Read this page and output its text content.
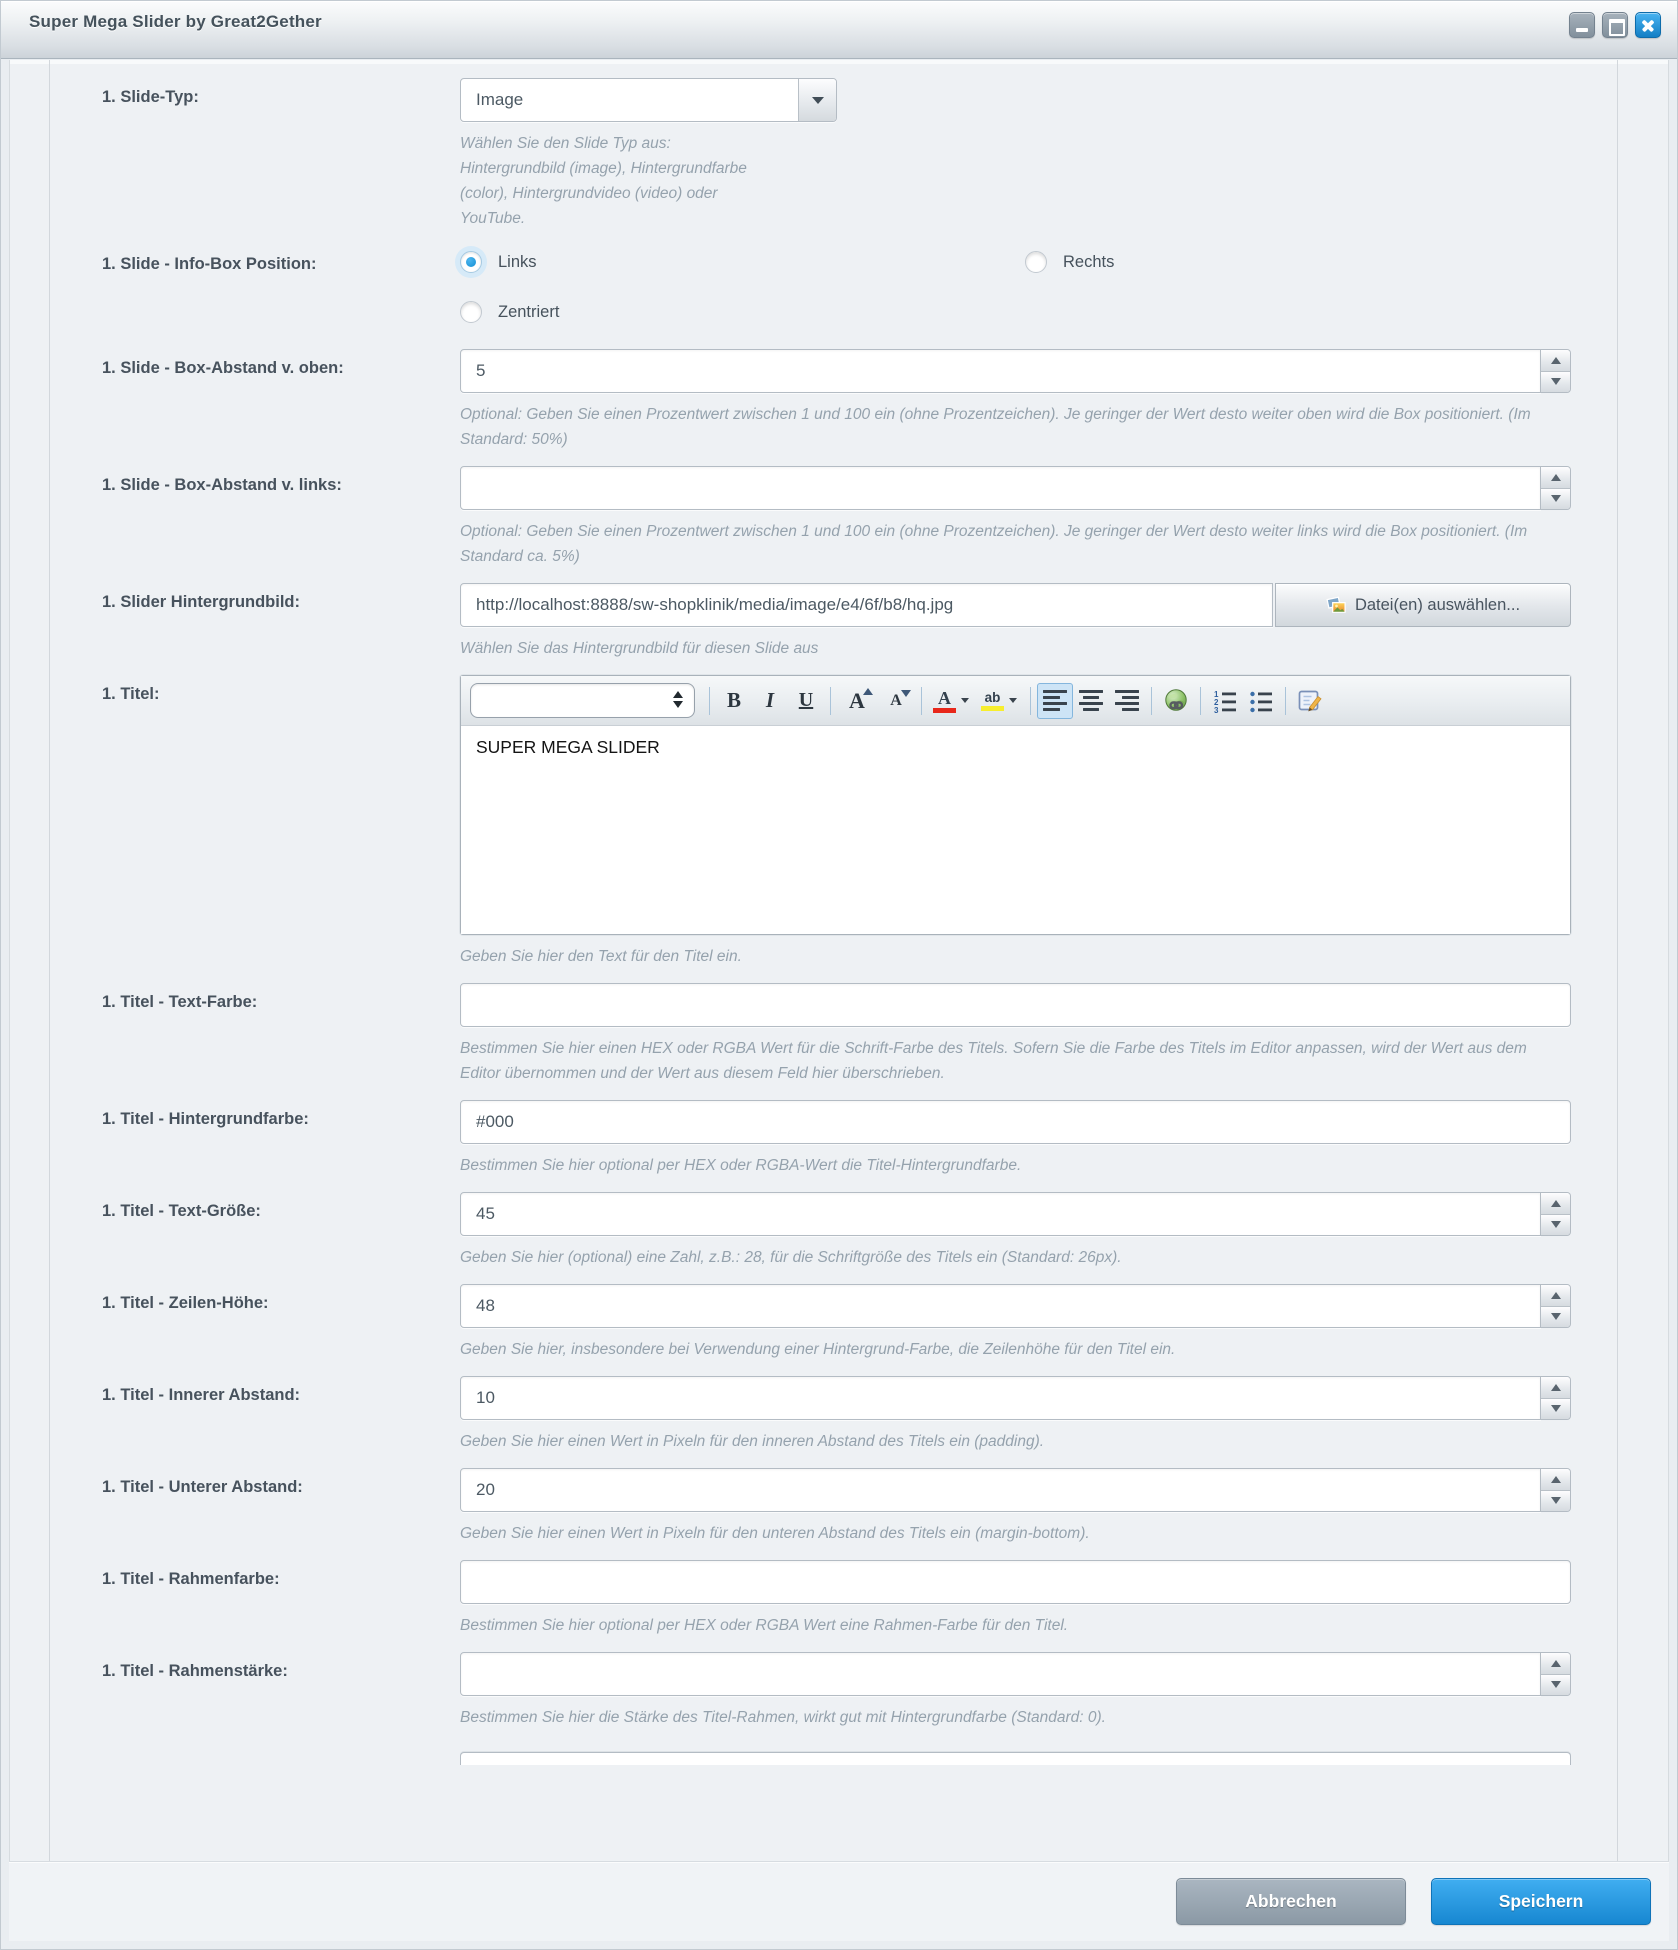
Super Mega Slider by Great2Gether
1. Slide-Typ:	Image
Wählen Sie den Slide Typ aus: Hintergrundbild (image), Hintergrundfarbe (color), Hintergrundvideo (video) oder YouTube.
1. Slide - Info-Box Position:	Links	Rechts
Zentriert
1. Slide - Box-Abstand v. oben:
5
Optional: Geben Sie einen Prozentwert zwischen 1 und 100 ein (ohne Prozentzeichen). Je geringer der Wert desto weiter oben wird die Box positioniert. (Im Standard: 50%)
1. Slide - Box-Abstand v. links:
Optional: Geben Sie einen Prozentwert zwischen 1 und 100 ein (ohne Prozentzeichen). Je geringer der Wert desto weiter links wird die Box positioniert. (Im Standard ca. 5%)
1. Slider Hintergrundbild:
http://localhost:8888/sw-shopklinik/media/image/e4/6f/b8/hq.jpg	Datei(en) auswählen...
Wählen Sie das Hintergrundbild für diesen Slide aus
1. Titel:	B I U A A A ab	1
2
3
SUPER MEGA SLIDER
Geben Sie hier den Text für den Titel ein.
1. Titel - Text-Farbe:
Bestimmen Sie hier einen HEX oder RGBA Wert für die Schrift-Farbe des Titels. Sofern Sie die Farbe des Titels im Editor anpassen, wird der Wert aus dem Editor übernommen und der Wert aus diesem Feld hier überschrieben.
1. Titel - Hintergrundfarbe:
#000
Bestimmen Sie hier optional per HEX oder RGBA-Wert die Titel-Hintergrundfarbe.
1. Titel - Text-Größe:
45
Geben Sie hier (optional) eine Zahl, z.B.: 28, für die Schriftgröße des Titels ein (Standard: 26px).
1. Titel - Zeilen-Höhe:
48
Geben Sie hier, insbesondere bei Verwendung einer Hintergrund-Farbe, die Zeilenhöhe für den Titel ein.
1. Titel - Innerer Abstand:
10
Geben Sie hier einen Wert in Pixeln für den inneren Abstand des Titels ein (padding).
1. Titel - Unterer Abstand:
20
Geben Sie hier einen Wert in Pixeln für den unteren Abstand des Titels ein (margin-bottom).
1. Titel - Rahmenfarbe:
Bestimmen Sie hier optional per HEX oder RGBA Wert eine Rahmen-Farbe für den Titel.
1. Titel - Rahmenstärke:
Bestimmen Sie hier die Stärke des Titel-Rahmen, wirkt gut mit Hintergrundfarbe (Standard: 0).
Abbrechen	Speichern
